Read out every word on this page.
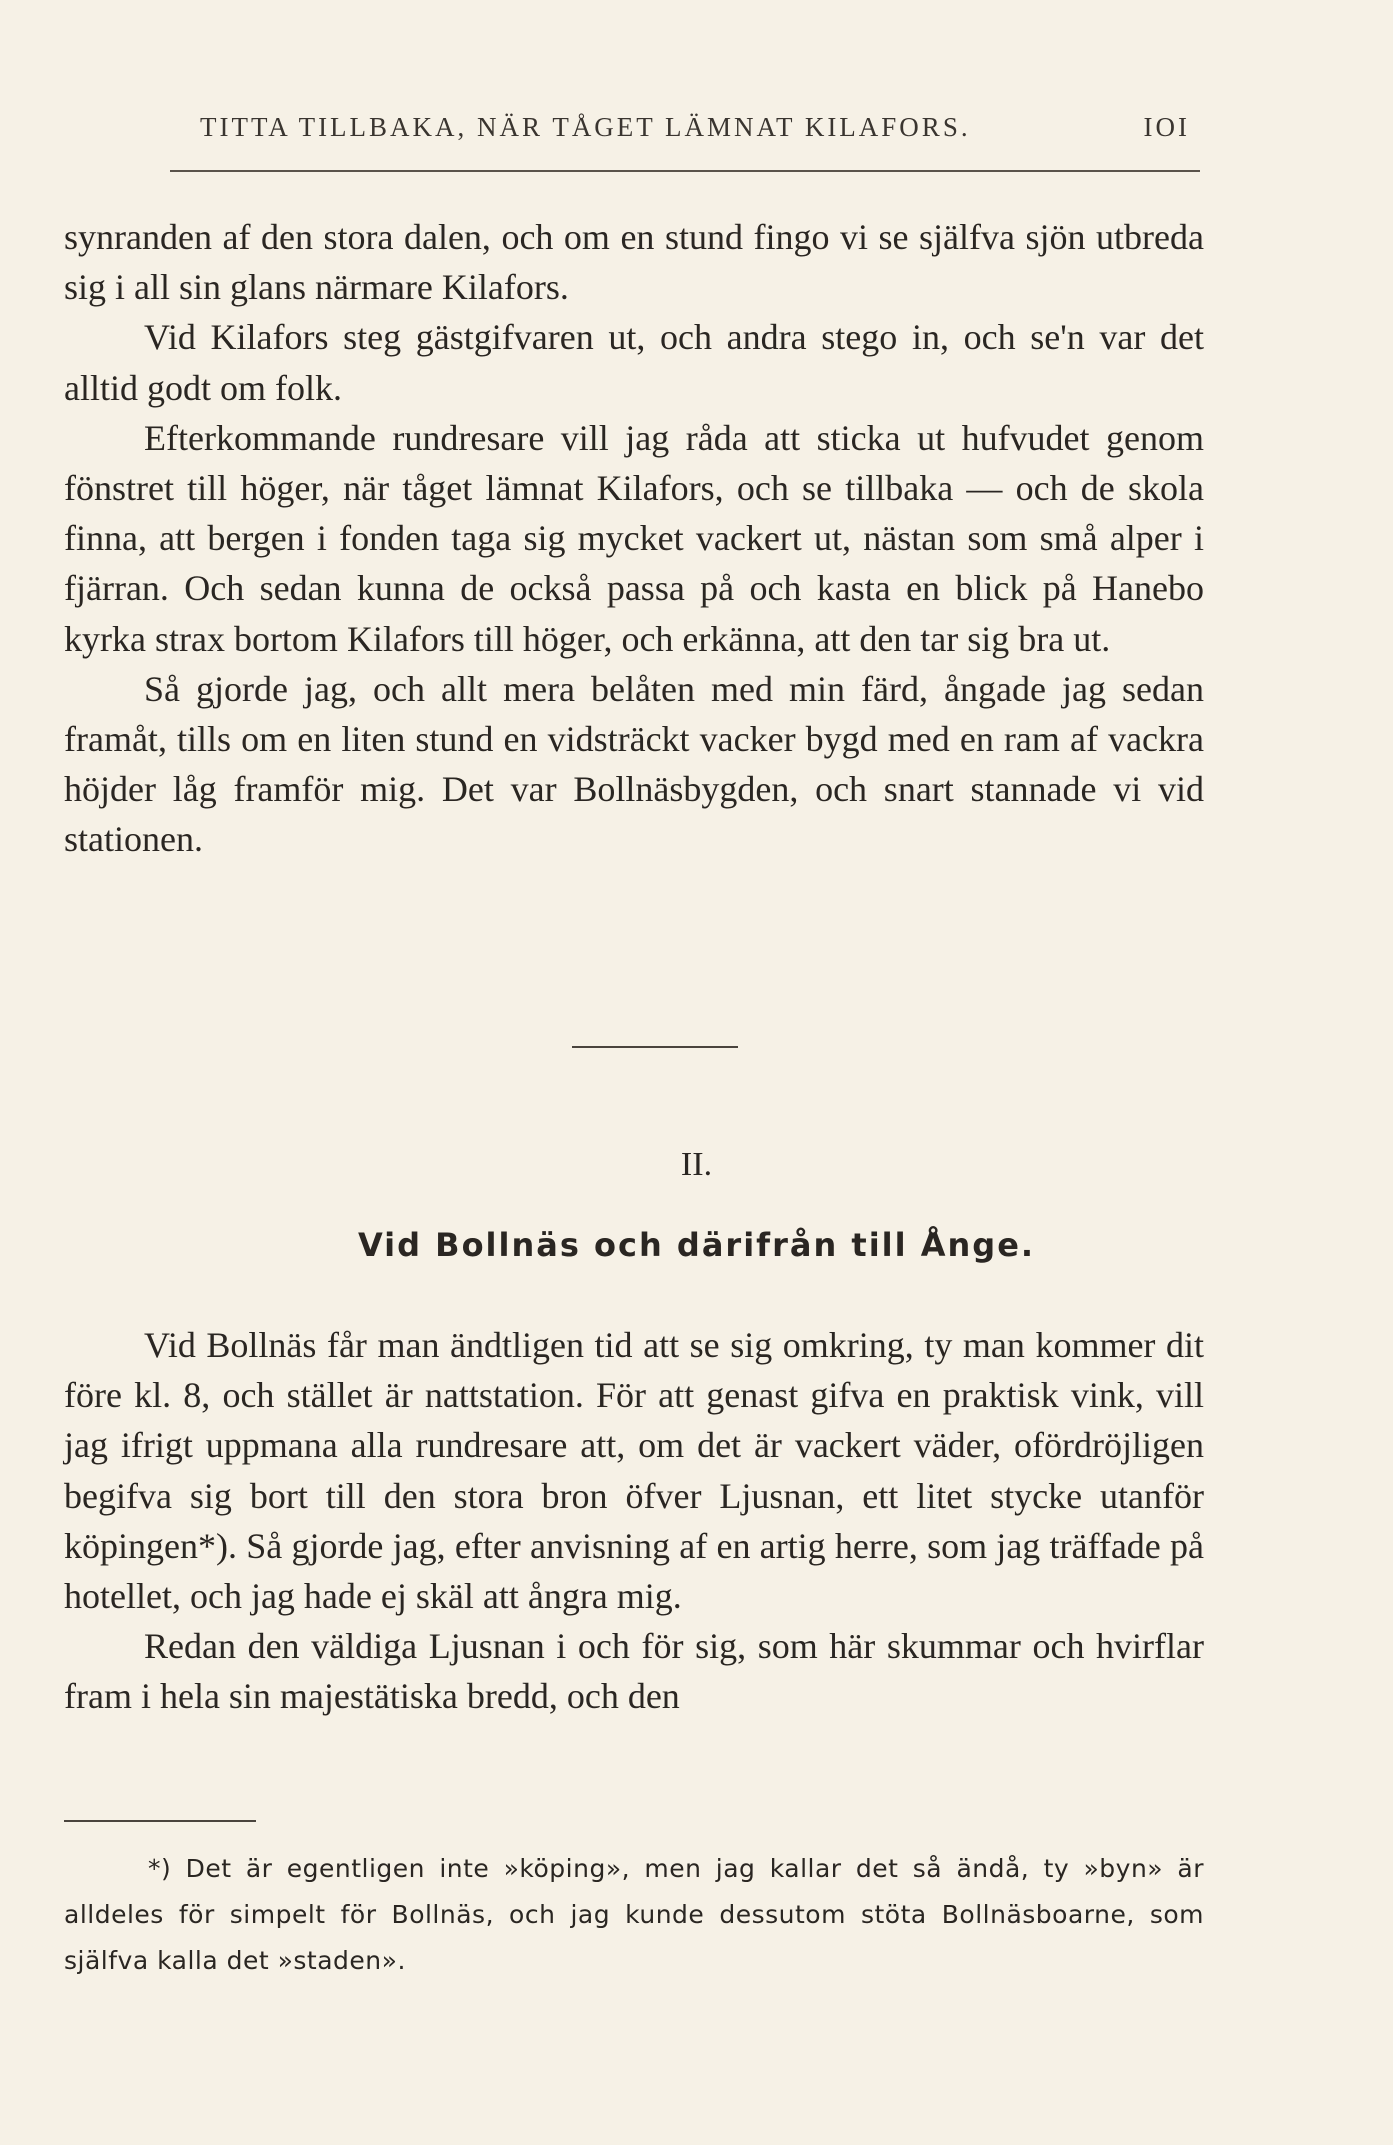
TITTA TILLBAKA, NÄR TÅGET LÄMNAT KILAFORS.	IOI

synranden af den stora dalen, och om en stund fingo vi se själfva sjön utbreda sig i all sin glans närmare Kilafors.

Vid Kilafors steg gästgifvaren ut, och andra stego in, och se'n var det alltid godt om folk.

Efterkommande rundresare vill jag råda att sticka ut hufvudet genom fönstret till höger, när tåget lämnat Kilafors, och se tillbaka — och de skola finna, att bergen i fonden taga sig mycket vackert ut, nästan som små alper i fjärran. Och sedan kunna de också passa på och kasta en blick på Hanebo kyrka strax bortom Kilafors till höger, och erkänna, att den tar sig bra ut.

Så gjorde jag, och allt mera belåten med min färd, ångade jag sedan framåt, tills om en liten stund en vidsträckt vacker bygd med en ram af vackra höjder låg framför mig. Det var Bollnäsbygden, och snart stannade vi vid stationen.

II.
Vid Bollnäs och därifrån till Ånge.

Vid Bollnäs får man ändtligen tid att se sig omkring, ty man kommer dit före kl. 8, och stället är nattstation. För att genast gifva en praktisk vink, vill jag ifrigt uppmana alla rundresare att, om det är vackert väder, ofördröjligen begifva sig bort till den stora bron öfver Ljusnan, ett litet stycke utanför köpingen*). Så gjorde jag, efter anvisning af en artig herre, som jag träffade på hotellet, och jag hade ej skäl att ångra mig.

Redan den väldiga Ljusnan i och för sig, som här skummar och hvirflar fram i hela sin majestätiska bredd, och den

*) Det är egentligen inte »köping», men jag kallar det så ändå, ty »byn» är alldeles för simpelt för Bollnäs, och jag kunde dessutom stöta Bollnäsboarne, som själfva kalla det »staden».
